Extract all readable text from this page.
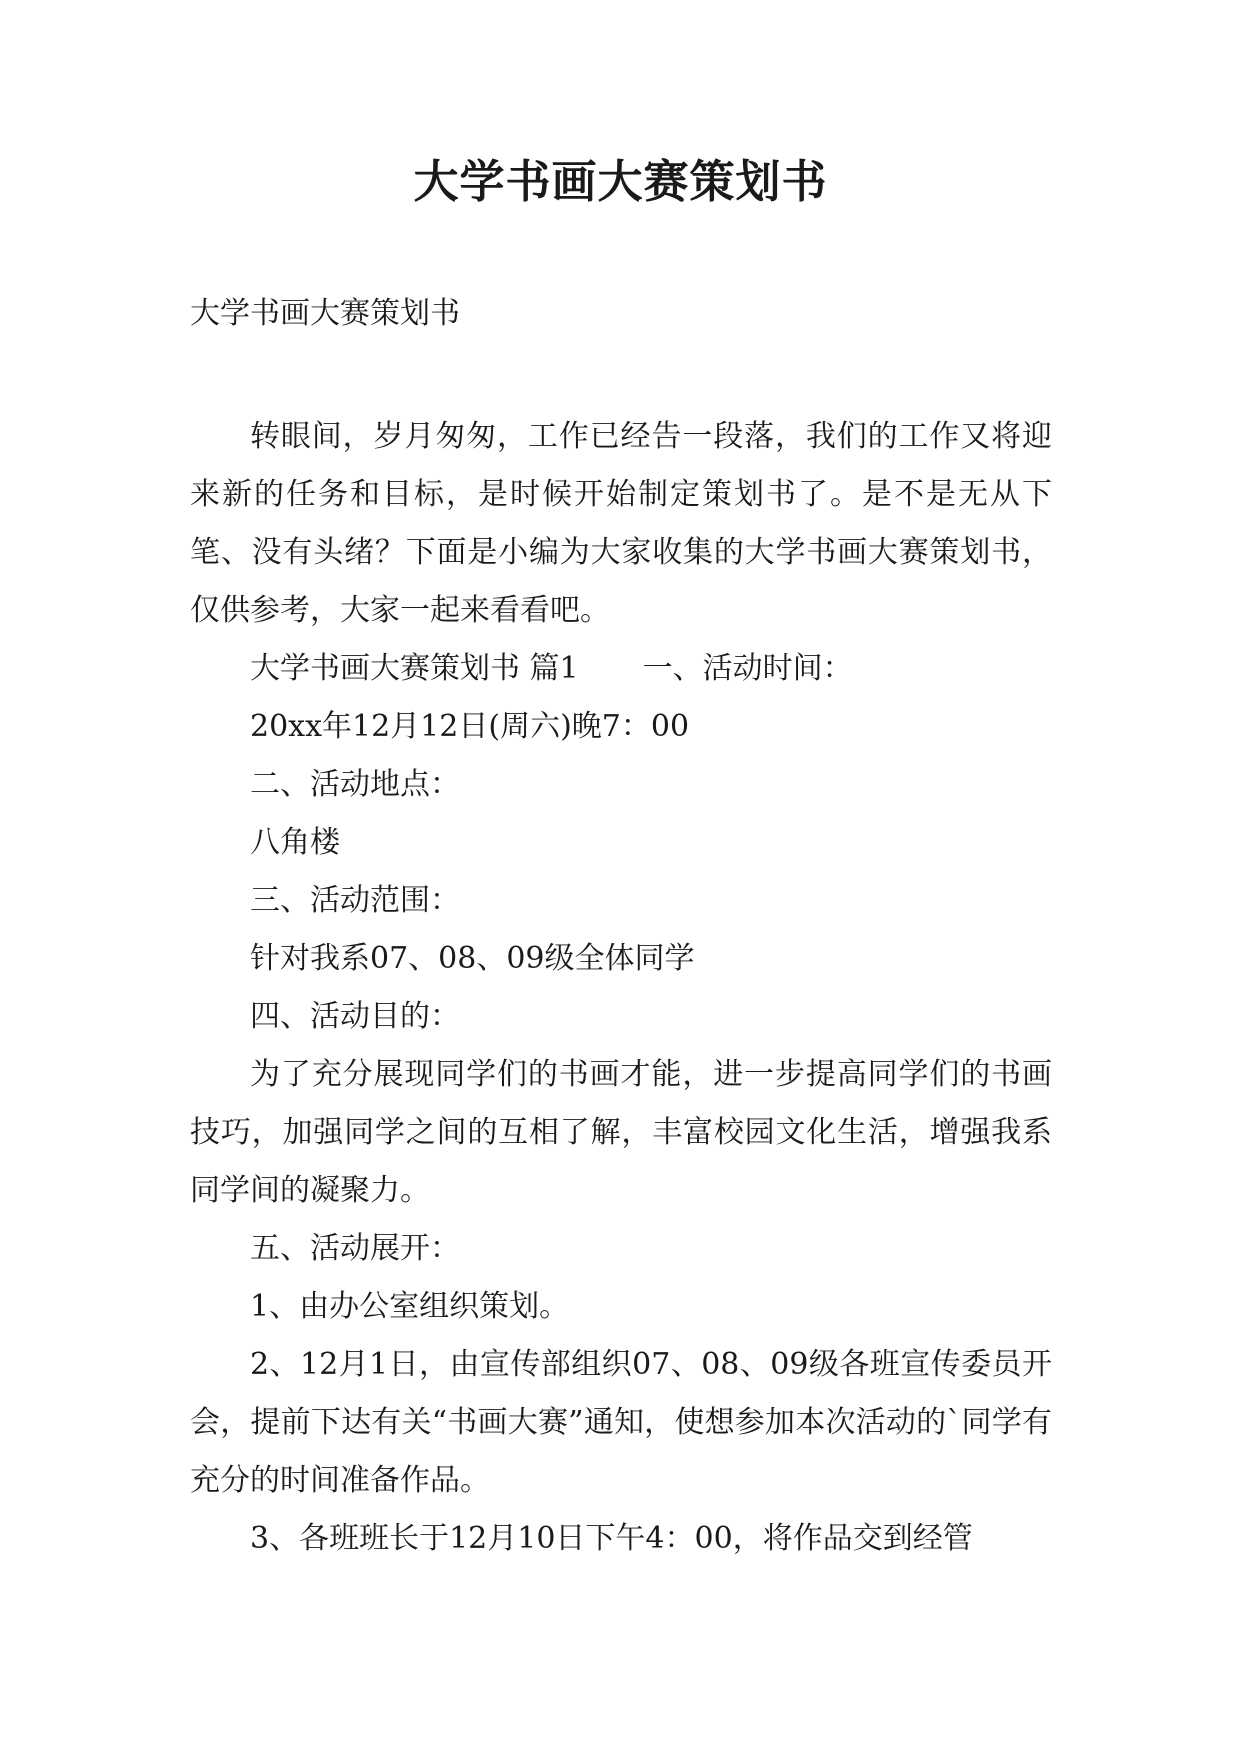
大学书画大赛策划书

大学书画大赛策划书

转眼间，岁月匆匆，工作已经告一段落，我们的工作又将迎来新的任务和目标，是时候开始制定策划书了。是不是无从下笔、没有头绪？下面是小编为大家收集的大学书画大赛策划书，仅供参考，大家一起来看看吧。

大学书画大赛策划书 篇1 一、活动时间：

20xx年12月12日(周六)晚7：00

二、活动地点：

八角楼

三、活动范围：

针对我系07、08、09级全体同学

四、活动目的：

为了充分展现同学们的书画才能，进一步提高同学们的书画技巧，加强同学之间的互相了解，丰富校园文化生活，增强我系同学间的凝聚力。

五、活动展开：

1、由办公室组织策划。

2、12月1日，由宣传部组织07、08、09级各班宣传委员开会，提前下达有关“书画大赛”通知，使想参加本次活动的`同学有充分的时间准备作品。

3、各班班长于12月10日下午4：00，将作品交到经管
